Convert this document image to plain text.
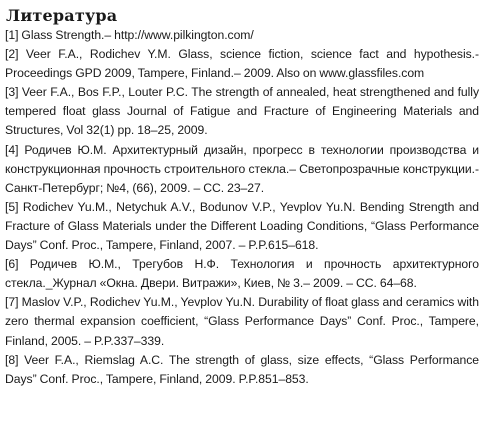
Литература
[1] Glass Strength.– http://www.pilkington.com/
[2] Veer F.A., Rodichev Y.M. Glass, science fiction, science fact and hypothesis.- Proceedings GPD 2009, Tampere, Finland.– 2009. Also on www.glassfiles.com
[3] Veer F.A., Bos F.P., Louter P.C. The strength of annealed, heat strengthened and fully tempered float glass Journal of Fatigue and Fracture of Engineering Materials and Structures, Vol 32(1) pp. 18–25, 2009.
[4] Родичев Ю.М. Архитектурный дизайн, прогресс в технологии производства и конструкционная прочность строительного стекла.– Светопрозрачные конструкции.- Санкт-Петербург; №4, (66), 2009. – СС. 23–27.
[5] Rodichev Yu.M., Netychuk A.V., Bodunov V.P., Yevplov Yu.N. Bending Strength and Fracture of Glass Materials under the Different Loading Conditions, “Glass Performance Days” Conf. Proc., Tampere, Finland, 2007. – P.P.615–618.
[6] Родичев Ю.М., Трегубов Н.Ф. Технология и прочность архитектурного стекла._Журнал «Окна. Двери. Витражи», Киев, № 3.– 2009. – СС. 64–68.
[7] Maslov V.P., Rodichev Yu.M., Yevplov Yu.N. Durability of float glass and ceramics with zero thermal expansion coefficient, “Glass Performance Days” Conf. Proc., Tampere, Finland, 2005. – P.P.337–339.
[8] Veer F.A., Riemslag A.C. The strength of glass, size effects, “Glass Performance Days” Conf. Proc., Tampere, Finland, 2009. P.P.851–853.
